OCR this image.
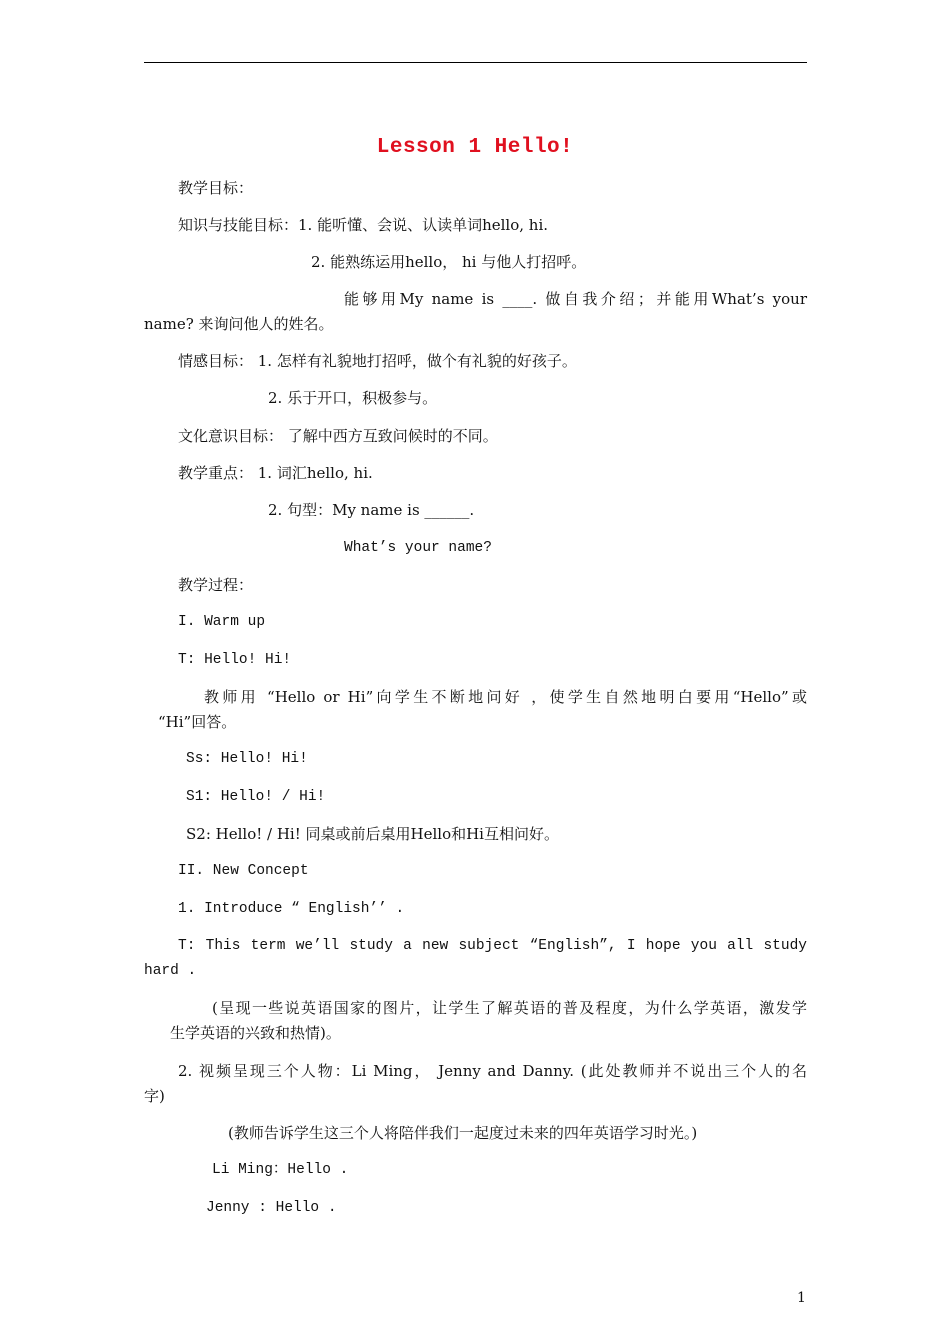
Lesson 1 Hello!
教学目标：
知识与技能目标：1. 能听懂、会说、认读单词hello, hi.
2. 能熟练运用hello， hi 与他人打招呼。
能够用My name is ____. 做自我介绍；并能用What’s your
name? 来询问他人的姓名。
情感目标： 1. 怎样有礼貌地打招呼，做个有礼貌的好孩子。
2. 乐于开口，积极参与。
文化意识目标： 了解中西方互致问候时的不同。
教学重点： 1. 词汇hello, hi.
2. 句型：My name is ______.
What’s your name?
教学过程：
I. Warm up
T: Hello! Hi!
教师用 “Hello or Hi”向学生不断地问好 ，使学生自然地明白要用“Hello”或
“Hi”回答。
Ss: Hello! Hi!
S1: Hello! / Hi!
S2: Hello! / Hi! 同桌或前后桌用Hello和Hi互相问好。
II. New Concept
1. Introduce “ English’’ .
T: This term we’ll study a new subject “English”, I hope you all study
hard .
(呈现一些说英语国家的图片，让学生了解英语的普及程度，为什么学英语，激发学
生学英语的兴致和热情)。
2. 视频呈现三个人物：Li Ming， Jenny and Danny. (此处教师并不说出三个人的名
字)
(教师告诉学生这三个人将陪伴我们一起度过未来的四年英语学习时光。)
Li Ming：Hello .
Jenny : Hello .
1
